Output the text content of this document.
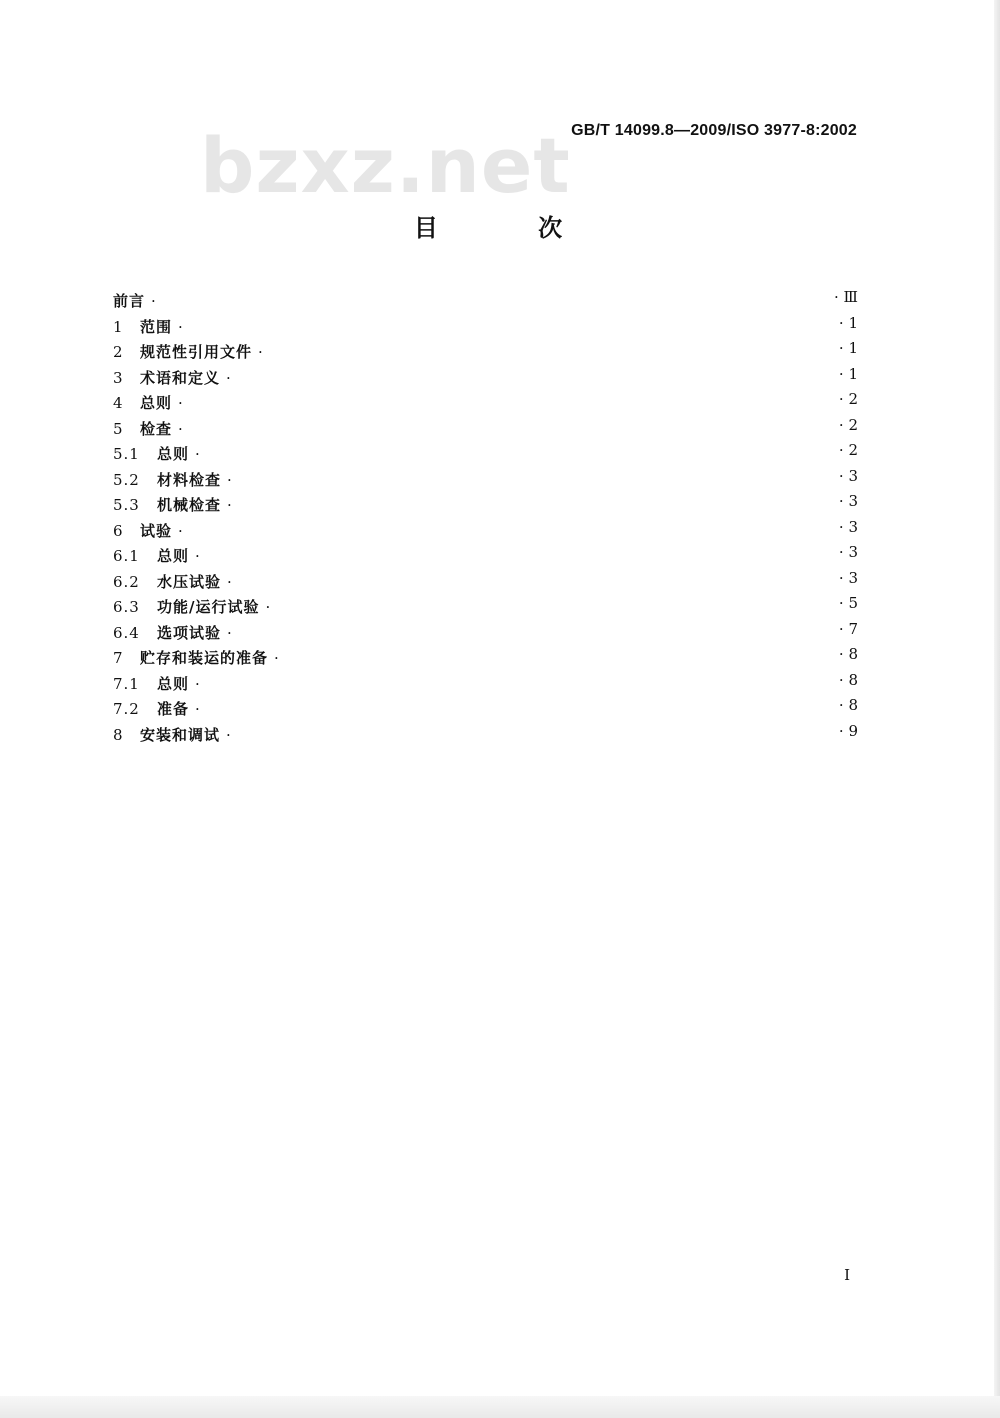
GB/T 14099.8—2009/ISO 3977-8:2002
bzxz.net
目 次
前言 ·	· Ⅲ
1 范围 ·	· 1
2 规范性引用文件 ·	· 1
3 术语和定义 ·	· 1
4 总则 ·	· 2
5 检查 ·	· 2
5.1 总则 ·	· 2
5.2 材料检查 ·	· 3
5.3 机械检查 ·	· 3
6 试验 ·	· 3
6.1 总则 ·	· 3
6.2 水压试验 ·	· 3
6.3 功能/运行试验 ·	· 5
6.4 选项试验 ·	· 7
7 贮存和装运的准备 ·	· 8
7.1 总则 ·	· 8
7.2 准备 ·	· 8
8 安装和调试 ·	· 9
I
